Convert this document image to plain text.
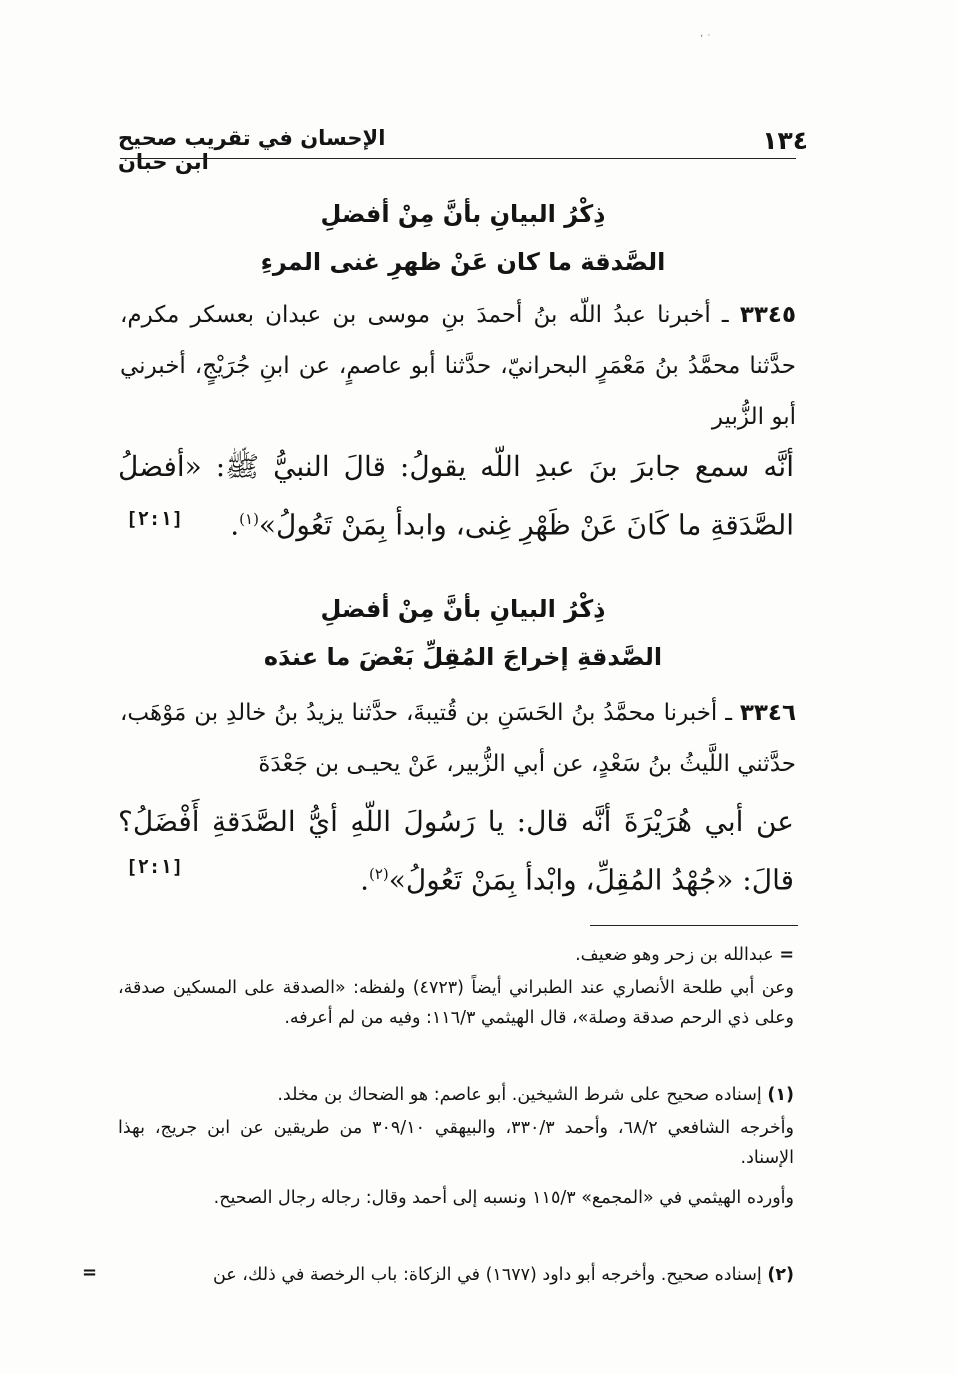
٬ ˙
١٣٤
الإحسان في تقريب صحيح ابن حبان
ذِكْرُ البيانِ بأنَّ مِنْ أفضلِ
الصَّدقة ما كان عَنْ ظهرِ غنى المرءِ
٣٣٤٥ ـ أخبرنا عبدُ اللّه بنُ أحمدَ بنِ موسى بن عبدان بعسكر مكرم، حدَّثنا محمَّدُ بنُ مَعْمَرٍ البحرانيّ، حدَّثنا أبو عاصمٍ، عن ابنِ جُرَيْجٍ، أخبرني أبو الزُّبير
أنَّه سمع جابرَ بنَ عبدِ اللّه يقولُ: قالَ النبيُّ ﷺ: «أفضلُ الصَّدَقةِ ما كَانَ عَنْ ظَهْرِ غِنى، وابدأ بِمَنْ تَعُولُ»$^{(١)}$.
[٢:١]
ذِكْرُ البيانِ بأنَّ مِنْ أفضلِ
الصَّدقةِ إخراجَ المُقِلِّ بَعْضَ ما عندَه
٣٣٤٦ ـ أخبرنا محمَّدُ بنُ الحَسَنِ بن قُتيبةَ، حدَّثنا يزيدُ بنُ خالدِ بن مَوْهَب، حدَّثني اللَّيثُ بنُ سَعْدٍ، عن أبي الزُّبير، عَنْ يحيـى بن جَعْدَةَ
عن أبي هُرَيْرَةَ أنَّه قال: يا رَسُولَ اللّهِ أيُّ الصَّدَقةِ أَفْضَلُ؟ قالَ: «جُهْدُ المُقِلِّ، وابْدأ بِمَنْ تَعُولُ»$^{(٢)}$.
[٢:١]
= عبدالله بن زحر وهو ضعيف.
وعن أبي طلحة الأنصاري عند الطبراني أيضاً (٤٧٢٣) ولفظه: «الصدقة على المسكين صدقة، وعلى ذي الرحم صدقة وصلة»، قال الهيثمي ١١٦/٣: وفيه من لم أعرفه.
(١) إسناده صحيح على شرط الشيخين. أبو عاصم: هو الضحاك بن مخلد.
وأخرجه الشافعي ٦٨/٢، وأحمد ٣٣٠/٣، والبيهقي ٣٠٩/١٠ من طريقين عن ابن جريج، بهذا الإسناد.
وأورده الهيثمي في «المجمع» ١١٥/٣ ونسبه إلى أحمد وقال: رجاله رجال الصحيح.
(٢) إسناده صحيح. وأخرجه أبو داود (١٦٧٧) في الزكاة: باب الرخصة في ذلك، عن
=
